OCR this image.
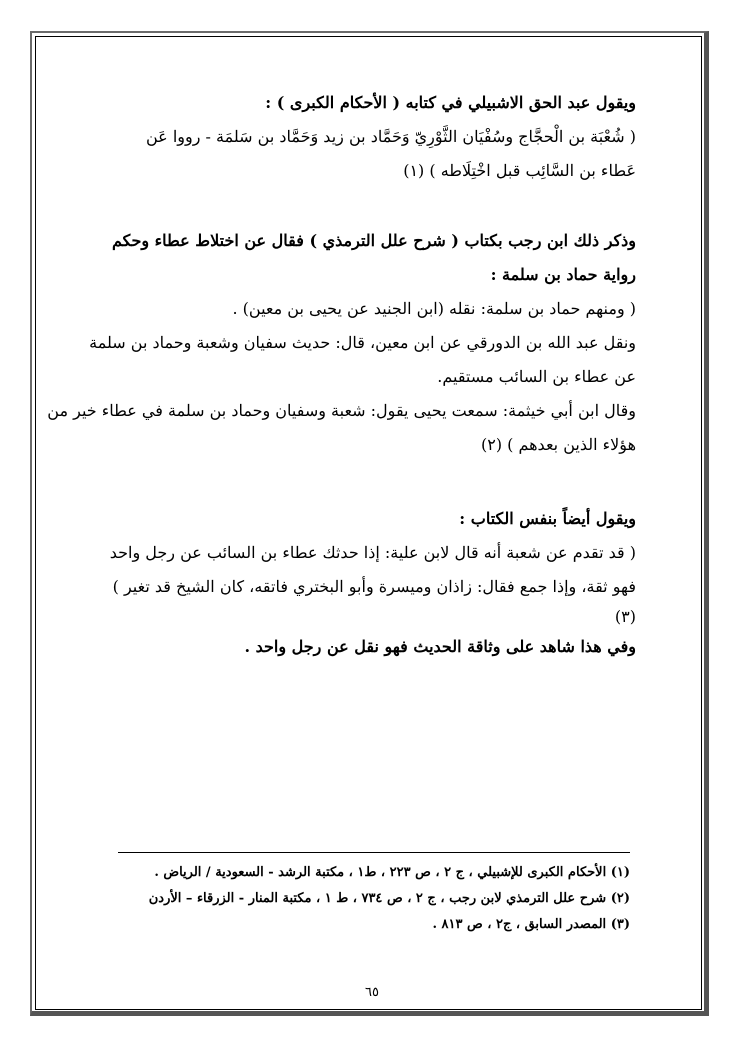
ويقول عبد الحق الاشبيلي في كتابه ( الأحكام الكبرى ) :
( شُعْبَة بن الْحجَّاج وسُفْيَان الثَّوْرِيّ وَحَمَّاد بن زيد وَحَمَّاد بن سَلمَة - رووا عَن
عَطاء بن السَّائِب قبل اخْتِلَاطه ) (١)
وذكر ذلك ابن رجب بكتاب ( شرح علل الترمذي ) فقال عن اختلاط عطاء وحكم
رواية حماد بن سلمة :
( ومنهم حماد بن سلمة: نقله (ابن الجنيد عن يحيى بن معين) .
ونقل عبد الله بن الدورقي عن ابن معين، قال: حديث سفيان وشعبة وحماد بن سلمة
عن عطاء بن السائب مستقيم.
وقال ابن أبي خيثمة: سمعت يحيى يقول: شعبة وسفيان وحماد بن سلمة في عطاء خير من
هؤلاء الذين بعدهم ) (٢)
ويقول أيضاً بنفس الكتاب :
( قد تقدم عن شعبة أنه قال لابن علية: إذا حدثك عطاء بن السائب عن رجل واحد
فهو ثقة، وإذا جمع فقال: زاذان وميسرة وأبو البختري فاتقه، كان الشيخ قد تغير )
(٣)
وفي هذا شاهد على وثاقة الحديث فهو نقل عن رجل واحد .
(١) الأحكام الكبرى للإشبيلي ، ج ٢ ، ص ٢٢٣ ، ط١ ، مكتبة الرشد - السعودية / الرياض .
(٢) شرح علل الترمذي لابن رجب ، ج ٢ ، ص ٧٣٤ ، ط ١ ، مكتبة المنار - الزرقاء – الأردن
(٣) المصدر السابق ، ج٢ ، ص ٨١٣ .
٦٥
